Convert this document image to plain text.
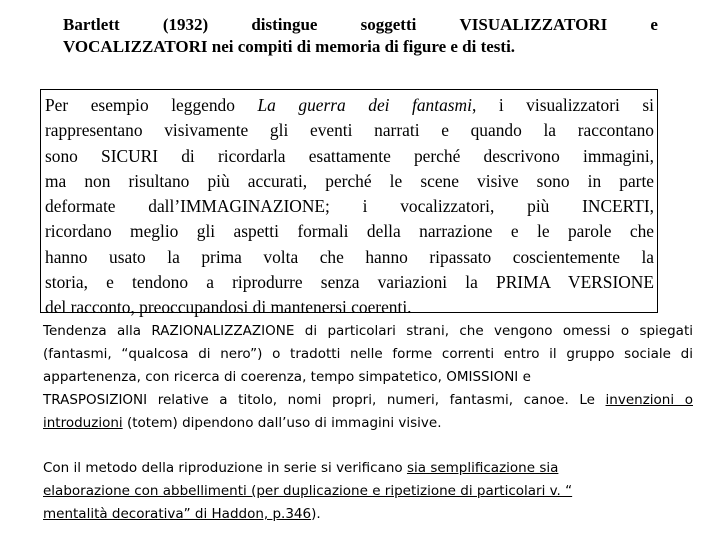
Bartlett	(1932)	distingue	soggetti	VISUALIZZATORI	e
VOCALIZZATORI nei compiti di memoria di figure e di testi.
Per esempio leggendo La guerra dei fantasmi, i visualizzatori si
rappresentano visivamente gli eventi narrati e quando la raccontano
sono SICURI di ricordarla esattamente perché descrivono immagini,
ma non risultano più accurati, perché le scene visive sono in parte
deformate dall’IMMAGINAZIONE; i vocalizzatori, più INCERTI,
ricordano meglio gli aspetti formali della narrazione e le parole che
hanno usato la prima volta che hanno ripassato coscientemente la
storia, e tendono a riprodurre senza variazioni la PRIMA VERSIONE
del racconto, preoccupandosi di mantenersi coerenti.
Tendenza alla RAZIONALIZZAZIONE di particolari strani, che vengono omessi o spiegati
(fantasmi, “qualcosa di nero”) o tradotti nelle forme correnti entro il gruppo sociale di
appartenenza, con ricerca di coerenza, tempo simpatetico, OMISSIONI e
TRASPOSIZIONI relative a titolo, nomi propri, numeri, fantasmi, canoe. Le invenzioni o
introduzioni (totem) dipendono dall’uso di immagini visive.
Con il metodo della riproduzione in serie si verificano sia semplificazione sia
elaborazione con abbellimenti (per duplicazione e ripetizione di particolari v. “
mentalità decorativa” di Haddon, p.346).
